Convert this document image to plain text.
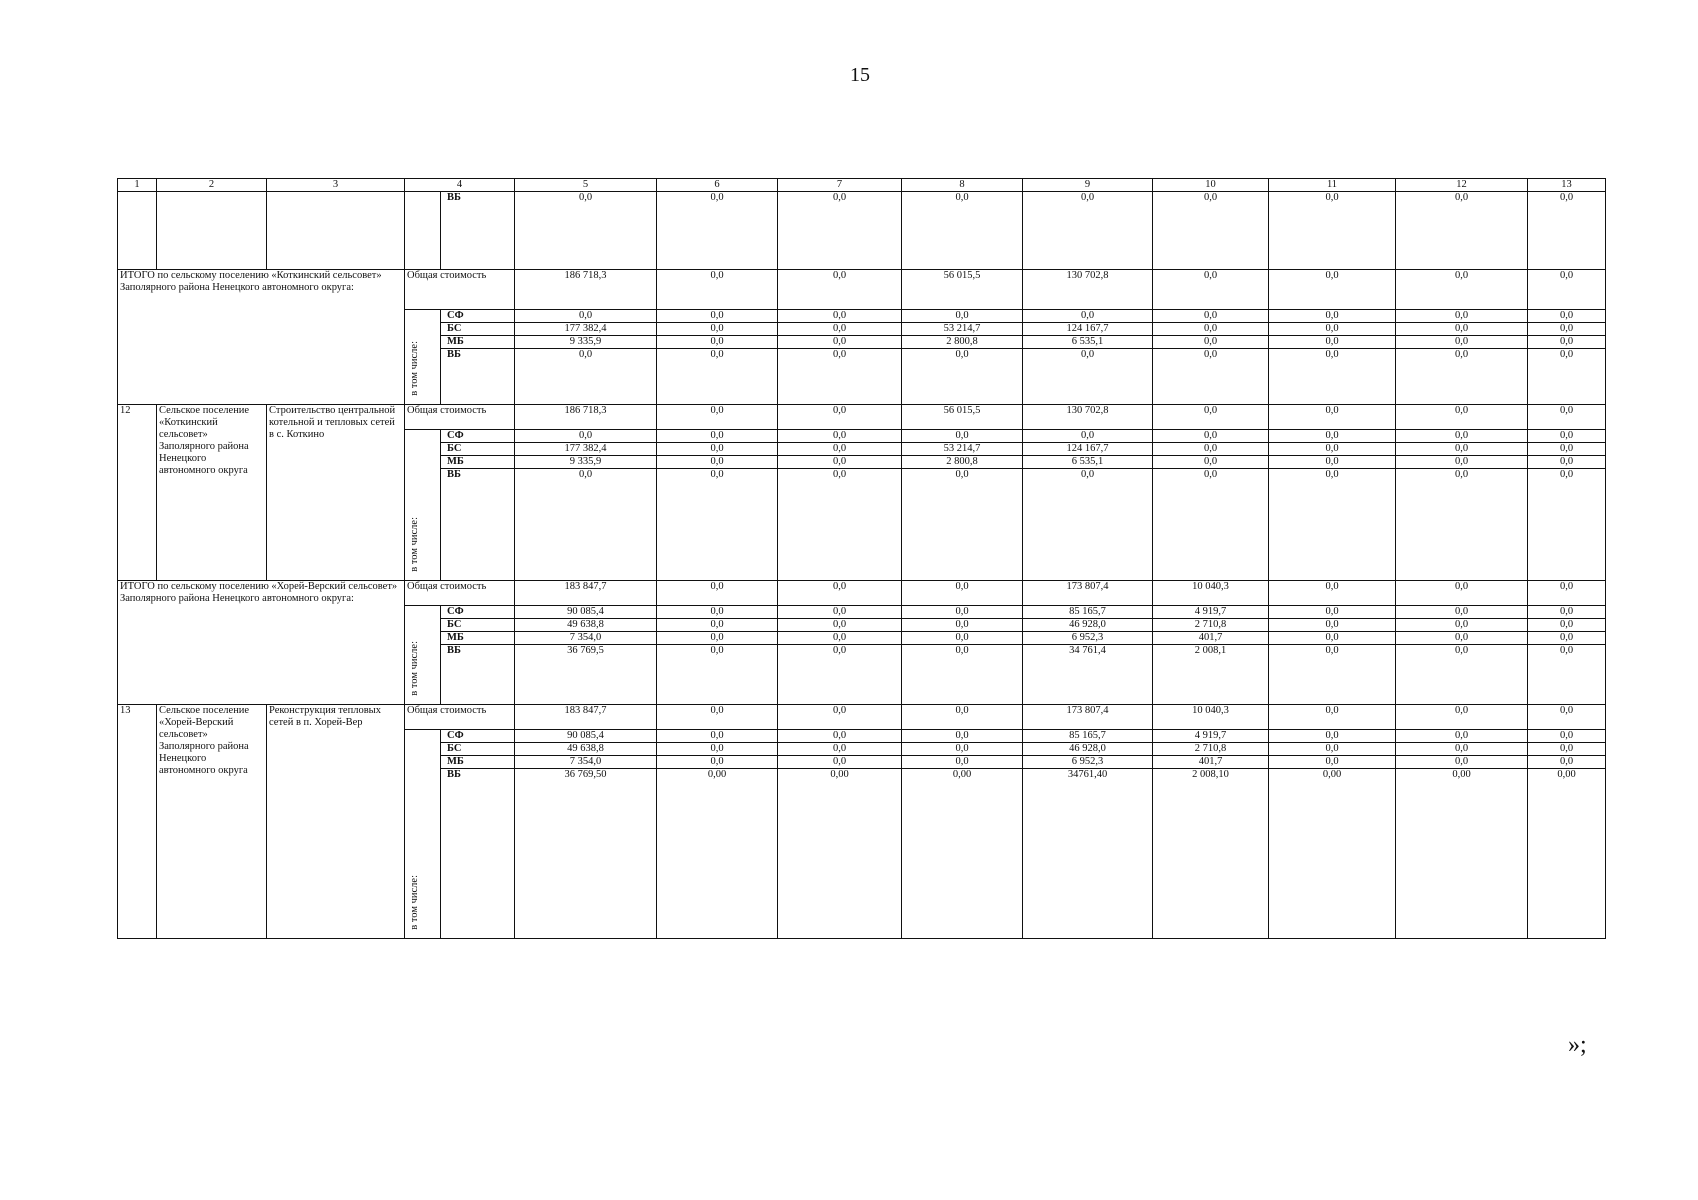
15
1	2	3	4		5	6	7	8	9	10	11	12	13
				ВБ	0,0	0,0	0,0	0,0	0,0	0,0	0,0	0,0	0,0
ИТОГО по сельскому поселению «Коткинский сельсовет» Заполярного района Ненецкого автономного округа:			Общая стоимость		186 718,3	0,0	0,0	56 015,5	130 702,8	0,0	0,0	0,0	0,0
			в том числе:	СФ	0,0	0,0	0,0	0,0	0,0	0,0	0,0	0,0	0,0
				БС	177 382,4	0,0	0,0	53 214,7	124 167,7	0,0	0,0	0,0	0,0
				МБ	9 335,9	0,0	0,0	2 800,8	6 535,1	0,0	0,0	0,0	0,0
				ВБ	0,0	0,0	0,0	0,0	0,0	0,0	0,0	0,0	0,0
12	Сельское поселение «Коткинский сельсовет» Заполярного района Ненецкого автономного округа	Строительство центральной котельной и тепловых сетей в с. Коткино	Общая стоимость		186 718,3	0,0	0,0	56 015,5	130 702,8	0,0	0,0	0,0	0,0
			в том числе:	СФ	0,0	0,0	0,0	0,0	0,0	0,0	0,0	0,0	0,0
				БС	177 382,4	0,0	0,0	53 214,7	124 167,7	0,0	0,0	0,0	0,0
				МБ	9 335,9	0,0	0,0	2 800,8	6 535,1	0,0	0,0	0,0	0,0
				ВБ	0,0	0,0	0,0	0,0	0,0	0,0	0,0	0,0	0,0
ИТОГО по сельскому поселению «Хорей-Верский сельсовет» Заполярного района Ненецкого автономного округа:			Общая стоимость		183 847,7	0,0	0,0	0,0	173 807,4	10 040,3	0,0	0,0	0,0
			в том числе:	СФ	90 085,4	0,0	0,0	0,0	85 165,7	4 919,7	0,0	0,0	0,0
				БС	49 638,8	0,0	0,0	0,0	46 928,0	2 710,8	0,0	0,0	0,0
				МБ	7 354,0	0,0	0,0	0,0	6 952,3	401,7	0,0	0,0	0,0
				ВБ	36 769,5	0,0	0,0	0,0	34 761,4	2 008,1	0,0	0,0	0,0
13	Сельское поселение «Хорей-Верский сельсовет» Заполярного района Ненецкого автономного округа	Реконструкция тепловых сетей в п. Хорей-Вер	Общая стоимость		183 847,7	0,0	0,0	0,0	173 807,4	10 040,3	0,0	0,0	0,0
			в том числе:	СФ	90 085,4	0,0	0,0	0,0	85 165,7	4 919,7	0,0	0,0	0,0
				БС	49 638,8	0,0	0,0	0,0	46 928,0	2 710,8	0,0	0,0	0,0
				МБ	7 354,0	0,0	0,0	0,0	6 952,3	401,7	0,0	0,0	0,0
				ВБ	36 769,50	0,00	0,00	0,00	34761,40	2 008,10	0,00	0,00	0,00
»;
